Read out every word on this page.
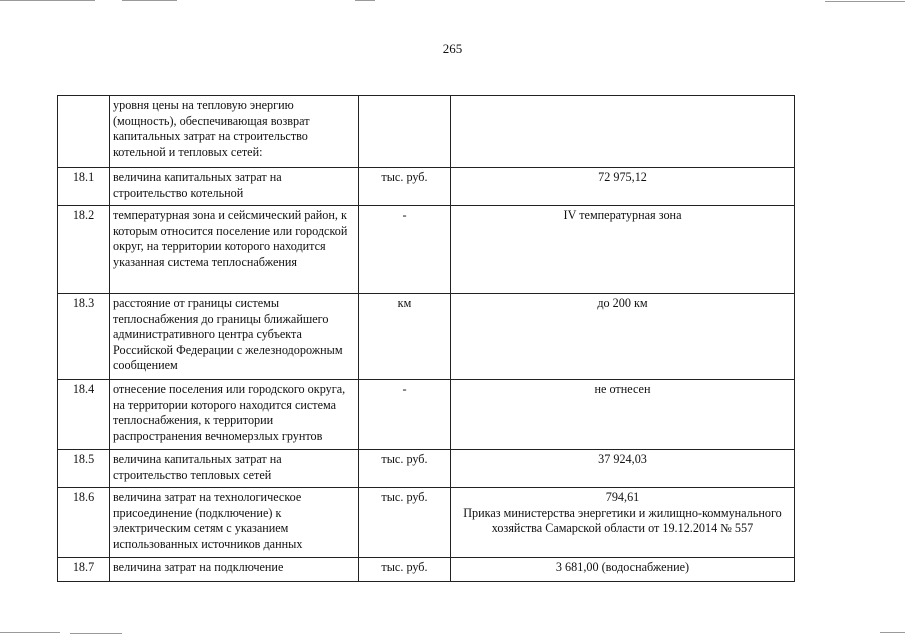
265
	уровня цены на тепловую энергию (мощность), обеспечивающая возврат капитальных затрат на строительство котельной и тепловых сетей:		
18.1	величина капитальных затрат на строительство котельной	тыс. руб.	72 975,12
18.2	температурная зона и сейсмический район, к которым относится поселение или городской округ, на территории которого находится указанная система теплоснабжения	-	IV температурная зона
18.3	расстояние от границы системы теплоснабжения до границы ближайшего административного центра субъекта Российской Федерации с железнодорожным сообщением	км	до 200 км
18.4	отнесение поселения или городского округа, на территории которого находится система теплоснабжения, к территории распространения вечномерзлых грунтов	-	не отнесен
18.5	величина капитальных затрат на строительство тепловых сетей	тыс. руб.	37 924,03
18.6	величина затрат на технологическое присоединение (подключение) к электрическим сетям с указанием использованных источников данных	тыс. руб.	794,61
Приказ министерства энергетики и жилищно-коммунального хозяйства Самарской области от 19.12.2014 № 557

18.7	величина затрат на подключение	тыс. руб.	3 681,00 (водоснабжение)
